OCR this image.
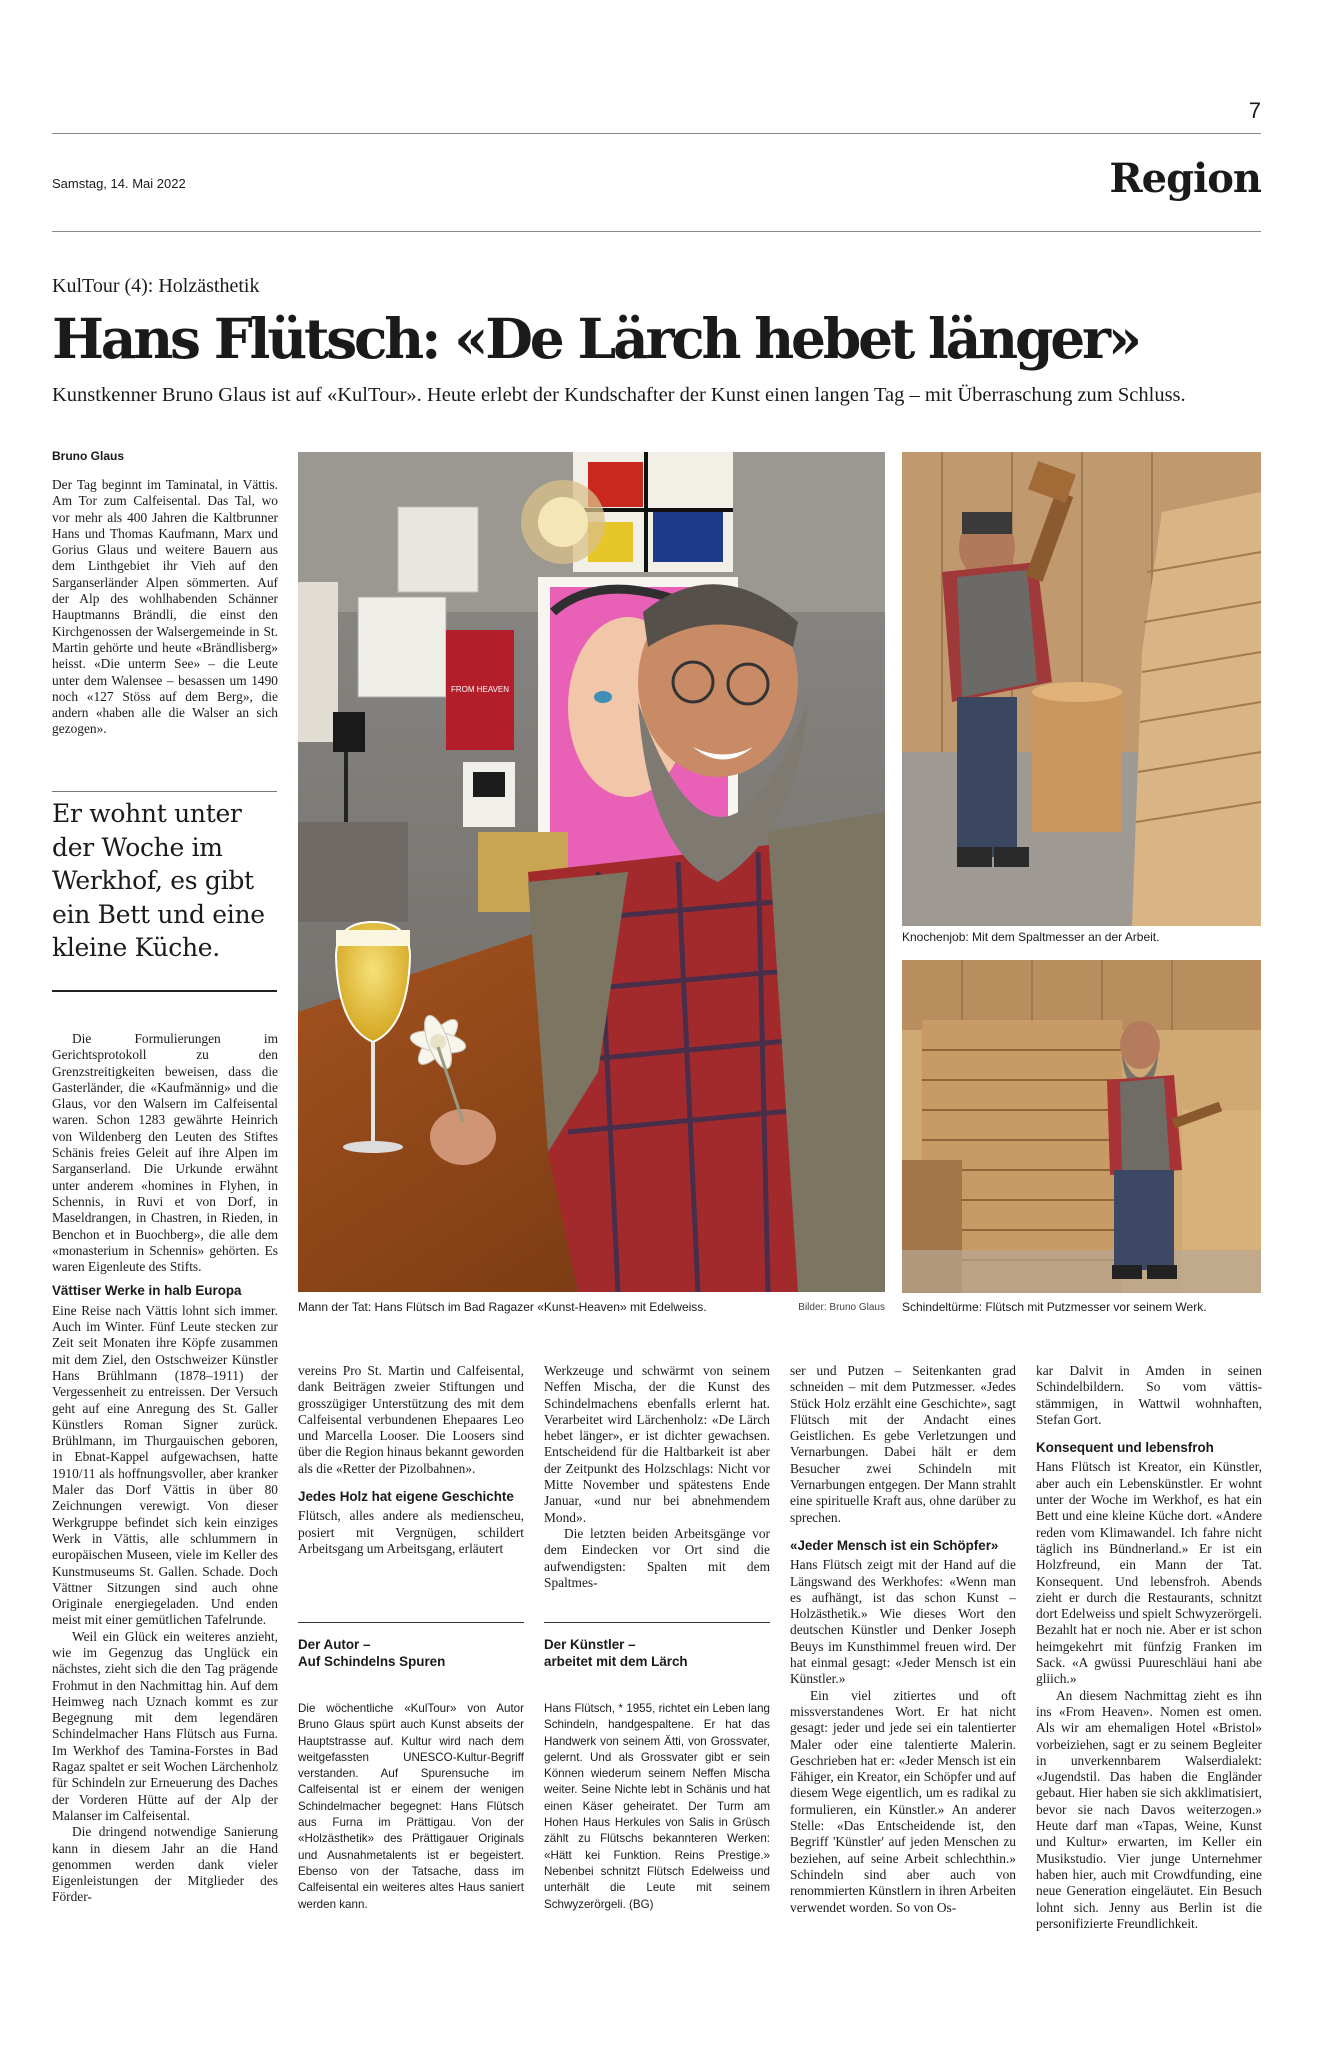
7
Samstag, 14. Mai 2022	Region
KulTour (4): Holzästhetik
Hans Flütsch: «De Lärch hebet länger»
Kunstkenner Bruno Glaus ist auf «KulTour». Heute erlebt der Kundschafter der Kunst einen langen Tag – mit Überraschung zum Schluss.
Bruno Glaus

Der Tag beginnt im Taminatal, in Vättis. Am Tor zum Calfeisental. Das Tal, wo vor mehr als 400 Jahren die Kaltbrunner Hans und Thomas Kaufmann, Marx und Gorius Glaus und weitere Bauern aus dem Linthgebiet ihr Vieh auf den Sarganserländer Alpen sömmerten. Auf der Alp des wohlhabenden Schänner Hauptmanns Brändli, die einst den Kirchgenossen der Walsergemeinde in St. Martin gehörte und heute «Brändlisberg» heisst. «Die unterm See» – die Leute unter dem Walensee – besassen um 1490 noch «127 Stöss auf dem Berg», die andern «haben alle die Walser an sich gezogen».

Er wohnt unter der Woche im Werkhof, es gibt ein Bett und eine kleine Küche.

Die Formulierungen im Gerichtsprotokoll zu den Grenzstreitigkeiten beweisen, dass die Gasterländer, die «Kaufmännig» und die Glaus, vor den Walsern im Calfeisental waren. Schon 1283 gewährte Heinrich von Wildenberg den Leuten des Stiftes Schänis freies Geleit auf ihre Alpen im Sarganserland. Die Urkunde erwähnt unter anderem «homines in Flyhen, in Schennis, in Ruvi et von Dorf, in Maseldrangen, in Chastren, in Rieden, in Benchon et in Buochberg», die alle dem «monasterium in Schennis» gehörten. Es waren Eigenleute des Stifts.

Vättiser Werke in halb Europa

Eine Reise nach Vättis lohnt sich immer. Auch im Winter. Fünf Leute stecken zur Zeit seit Monaten ihre Köpfe zusammen mit dem Ziel, den Ostschweizer Künstler Hans Brühlmann (1878–1911) der Vergessenheit zu entreissen. Der Versuch geht auf eine Anregung des St. Galler Künstlers Roman Signer zurück. Brühlmann, im Thurgauischen geboren, in Ebnat-Kappel aufgewachsen, hatte 1910/11 als hoffnungsvoller, aber kranker Maler das Dorf Vättis in über 80 Zeichnungen verewigt. Von dieser Werkgruppe befindet sich kein einziges Werk in Vättis, alle schlummern in europäischen Museen, viele im Keller des Kunstmuseums St. Gallen. Schade. Doch Vättner Sitzungen sind auch ohne Originale energiegeladen. Und enden meist mit einer gemütlichen Tafelrunde.

Weil ein Glück ein weiteres anzieht, wie im Gegenzug das Unglück ein nächstes, zieht sich die den Tag prägende Frohmut in den Nachmittag hin. Auf dem Heimweg nach Uznach kommt es zur Begegnung mit dem legendären Schindelmacher Hans Flütsch aus Furna. Im Werkhof des Tamina-Forstes in Bad Ragaz spaltet er seit Wochen Lärchenholz für Schindeln zur Erneuerung des Daches der Vorderen Hütte auf der Alp der Malanser im Calfeisental.

Die dringend notwendige Sanierung kann in diesem Jahr an die Hand genommen werden dank vieler Eigenleistungen der Mitglieder des Förder-

FROM HEAVEN
Knochenjob: Mit dem Spaltmesser an der Arbeit.
Mann der Tat: Hans Flütsch im Bad Ragazer «Kunst-Heaven» mit Edelweiss.	Bilder: Bruno Glaus Schindeltürme: Flütsch mit Putzmesser vor seinem Werk.

vereins Pro St. Martin und Calfeisental, dank Beiträgen zweier Stiftungen und grosszügiger Unterstützung des mit dem Calfeisental verbundenen Ehepaares Leo und Marcella Looser. Die Loosers sind über die Region hinaus bekannt geworden als die «Retter der Pizolbahnen».

Jedes Holz hat eigene Geschichte

Flütsch, alles andere als medienscheu, posiert mit Vergnügen, schildert Arbeitsgang um Arbeitsgang, erläutert

Der Autor –
Auf Schindelns Spuren
Die wöchentliche «KulTour» von Autor Bruno Glaus spürt auch Kunst abseits der Hauptstrasse auf. Kultur wird nach dem weitgefassten UNESCO-Kultur-Begriff verstanden. Auf Spurensuche im Calfeisental ist er einem der wenigen Schindelmacher begegnet: Hans Flütsch aus Furna im Prättigau. Von der «Holzästhetik» des Prättigauer Originals und Ausnahmetalents ist er begeistert. Ebenso von der Tatsache, dass im Calfeisental ein weiteres altes Haus saniert werden kann.

Werkzeuge und schwärmt von seinem Neffen Mischa, der die Kunst des Schindelmachens ebenfalls erlernt hat. Verarbeitet wird Lärchenholz: «De Lärch hebet länger», er ist dichter gewachsen. Entscheidend für die Haltbarkeit ist aber der Zeitpunkt des Holzschlags: Nicht vor Mitte November und spätestens Ende Januar, «und nur bei abnehmendem Mond».

Die letzten beiden Arbeitsgänge vor dem Eindecken vor Ort sind die aufwendigsten: Spalten mit dem Spaltmes-

Der Künstler –
arbeitet mit dem Lärch
Hans Flütsch, * 1955, richtet ein Leben lang Schindeln, handgespaltene. Er hat das Handwerk von seinem Ätti, von Grossvater, gelernt. Und als Grossvater gibt er sein Können wiederum seinem Neffen Mischa weiter. Seine Nichte lebt in Schänis und hat einen Käser geheiratet. Der Turm am Hohen Haus Herkules von Salis in Grüsch zählt zu Flütschs bekannteren Werken: «Hätt kei Funktion. Reins Prestige.» Nebenbei schnitzt Flütsch Edelweiss und unterhält die Leute mit seinem Schwyzerörgeli. (BG)

ser und Putzen – Seitenkanten grad schneiden – mit dem Putzmesser. «Jedes Stück Holz erzählt eine Geschichte», sagt Flütsch mit der Andacht eines Geistlichen. Es gebe Verletzungen und Vernarbungen. Dabei hält er dem Besucher zwei Schindeln mit Vernarbungen entgegen. Der Mann strahlt eine spirituelle Kraft aus, ohne darüber zu sprechen.

«Jeder Mensch ist ein Schöpfer»

Hans Flütsch zeigt mit der Hand auf die Längswand des Werkhofes: «Wenn man es aufhängt, ist das schon Kunst – Holzästhetik.» Wie dieses Wort den deutschen Künstler und Denker Joseph Beuys im Kunsthimmel freuen wird. Der hat einmal gesagt: «Jeder Mensch ist ein Künstler.»

Ein viel zitiertes und oft missverstandenes Wort. Er hat nicht gesagt: jeder und jede sei ein talentierter Maler oder eine talentierte Malerin. Geschrieben hat er: «Jeder Mensch ist ein Fähiger, ein Kreator, ein Schöpfer und auf diesem Wege eigentlich, um es radikal zu formulieren, ein Künstler.» An anderer Stelle: «Das Entscheidende ist, den Begriff 'Künstler' auf jeden Menschen zu beziehen, auf seine Arbeit schlechthin.» Schindeln sind aber auch von renommierten Künstlern in ihren Arbeiten verwendet worden. So von Os-

kar Dalvit in Amden in seinen Schindelbildern. So vom vättis-stämmigen, in Wattwil wohnhaften, Stefan Gort.

Konsequent und lebensfroh

Hans Flütsch ist Kreator, ein Künstler, aber auch ein Lebenskünstler. Er wohnt unter der Woche im Werkhof, es hat ein Bett und eine kleine Küche dort. «Andere reden vom Klimawandel. Ich fahre nicht täglich ins Bündnerland.» Er ist ein Holzfreund, ein Mann der Tat. Konsequent. Und lebensfroh. Abends zieht er durch die Restaurants, schnitzt dort Edelweiss und spielt Schwyzerörgeli. Bezahlt hat er noch nie. Aber er ist schon heimgekehrt mit fünfzig Franken im Sack. «A gwüssi Puureschläui hani abe gliich.»

An diesem Nachmittag zieht es ihn ins «From Heaven». Nomen est omen. Als wir am ehemaligen Hotel «Bristol» vorbeiziehen, sagt er zu seinem Begleiter in unverkennbarem Walserdialekt: «Jugendstil. Das haben die Engländer gebaut. Hier haben sie sich akklimatisiert, bevor sie nach Davos weiterzogen.» Heute darf man «Tapas, Weine, Kunst und Kultur» erwarten, im Keller ein Musikstudio. Vier junge Unternehmer haben hier, auch mit Crowdfunding, eine neue Generation eingeläutet. Ein Besuch lohnt sich. Jenny aus Berlin ist die personifizierte Freundlichkeit.
